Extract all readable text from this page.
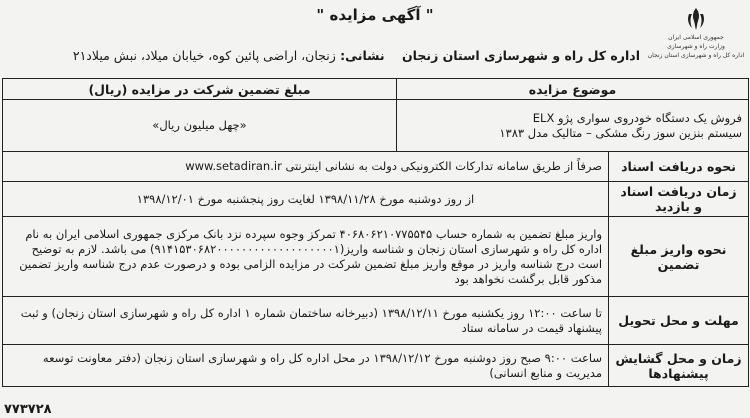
جمهوری اسلامی ایران
وزارت راه و شهرسازی
اداره کل راه و شهرسازی استان زنجان
" آگهی مزایده "
اداره کل راه و شهرسازی استان زنجان    نشانی: زنجان، اراضی پائین کوه، خیابان میلاد، نبش میلاد۲۱
موضوع مزایده		مبلغ تضمین شرکت در مزایده (ریال)

فروش یک دستگاه خودروی سواری پژو ELX
سیستم بنزین سوز رنگ مشکی – متالیک مدل ۱۳۸۳		«چهل میلیون ریال»
نحوه دریافت اسناد	صرفاً از طریق سامانه تدارکات الکترونیکی دولت به نشانی اینترنتی www.setadiran.ir	
زمان دریافت اسناد و بازدید	از روز دوشنبه مورخ ۱۳۹۸/۱۱/۲۸ لغایت روز پنجشنبه مورخ ۱۳۹۸/۱۲/۰۱	
نحوه واریز مبلغ تضمین	واریز مبلغ تضمین به شماره حساب ۴۰۶۸۰۶۲۱۰۷۷۵۵۴۵ تمرکز وجوه سپرده نزد بانک مرکزی جمهوری اسلامی ایران به نام اداره کل راه و شهرسازی استان زنجان و شناسه واریز(۹۱۴۱۵۳۰۶۸۲۰۰۰۰۰۰۰۰۰۰۰۰۰۰۰۰۰۰۰۱) می باشد. لازم به توضیح است درج شناسه واریز در موقع واریز مبلغ تضمین شرکت در مزایده الزامی بوده و درصورت عدم درج شناسه واریز تضمین مذکور قابل برگشت نخواهد بود	
مهلت و محل تحویل	تا ساعت ۱۲:۰۰ روز یکشنبه مورخ ۱۳۹۸/۱۲/۱۱ (دبیرخانه ساختمان شماره ۱ اداره کل راه و شهرسازی استان زنجان) و ثبت پیشنهاد قیمت در سامانه ستاد	
زمان و محل گشایش پیشنهادها	ساعت ۹:۰۰ صبح روز دوشنبه مورخ ۱۳۹۸/۱۲/۱۲ در محل اداره کل راه و شهرسازی استان زنجان (دفتر معاونت توسعه مدیریت و منابع انسانی)	
۷۷۳۷۲۸
